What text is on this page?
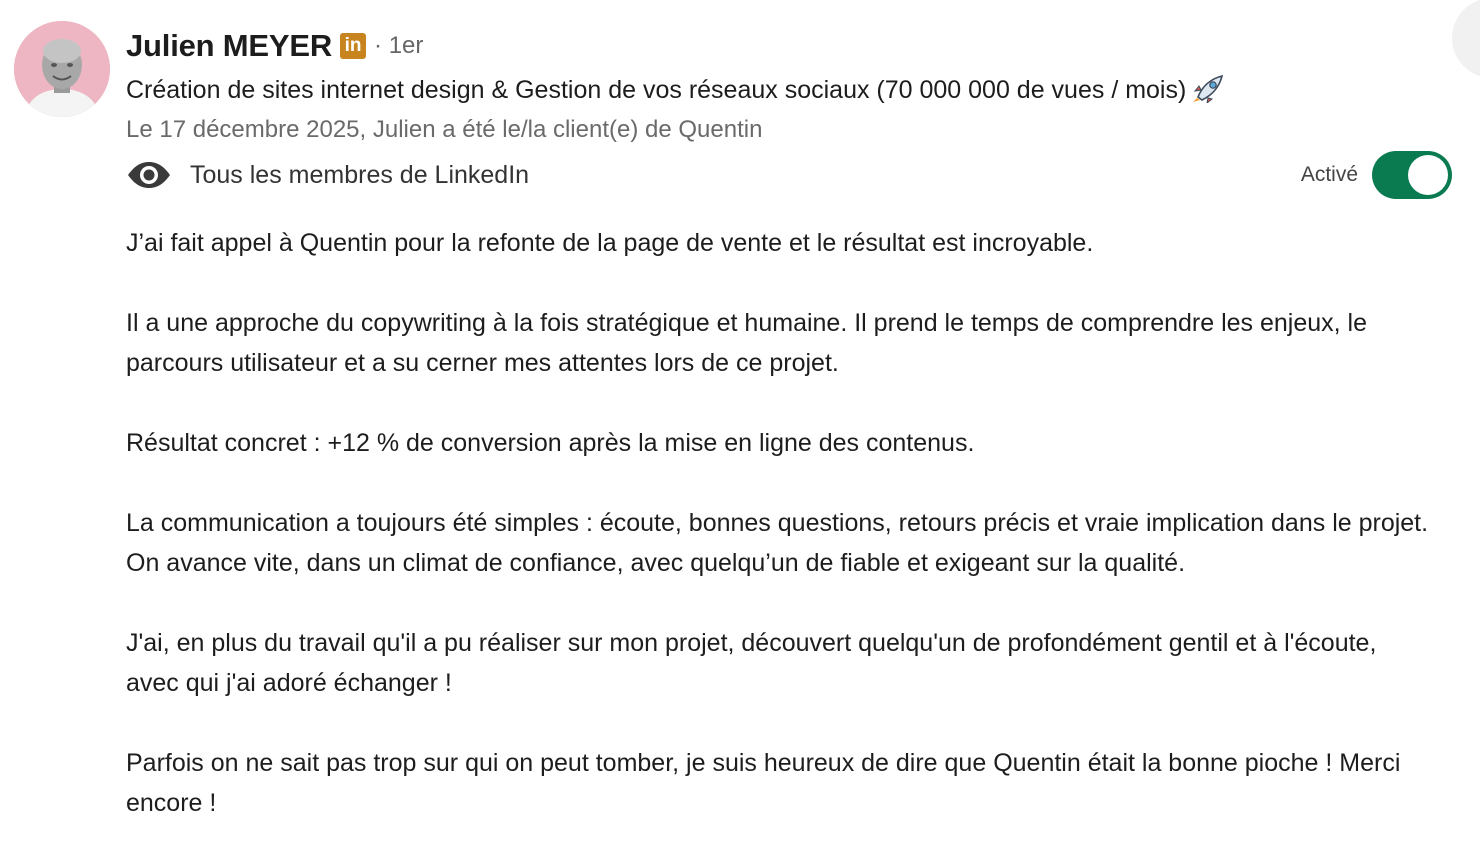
Julien MEYER in · 1er
Création de sites internet design & Gestion de vos réseaux sociaux (70 000 000 de vues / mois)
Le 17 décembre 2025, Julien a été le/la client(e) de Quentin
Tous les membres de LinkedIn	Activé

J’ai fait appel à Quentin pour la refonte de la page de vente et le résultat est incroyable.

Il a une approche du copywriting à la fois stratégique et humaine. Il prend le temps de comprendre les enjeux, le parcours utilisateur et a su cerner mes attentes lors de ce projet.

Résultat concret : +12 % de conversion après la mise en ligne des contenus.

La communication a toujours été simples : écoute, bonnes questions, retours précis et vraie implication dans le projet. On avance vite, dans un climat de confiance, avec quelqu’un de fiable et exigeant sur la qualité.

J'ai, en plus du travail qu'il a pu réaliser sur mon projet, découvert quelqu'un de profondément gentil et à l'écoute, avec qui j'ai adoré échanger !

Parfois on ne sait pas trop sur qui on peut tomber, je suis heureux de dire que Quentin était la bonne pioche ! Merci encore !
